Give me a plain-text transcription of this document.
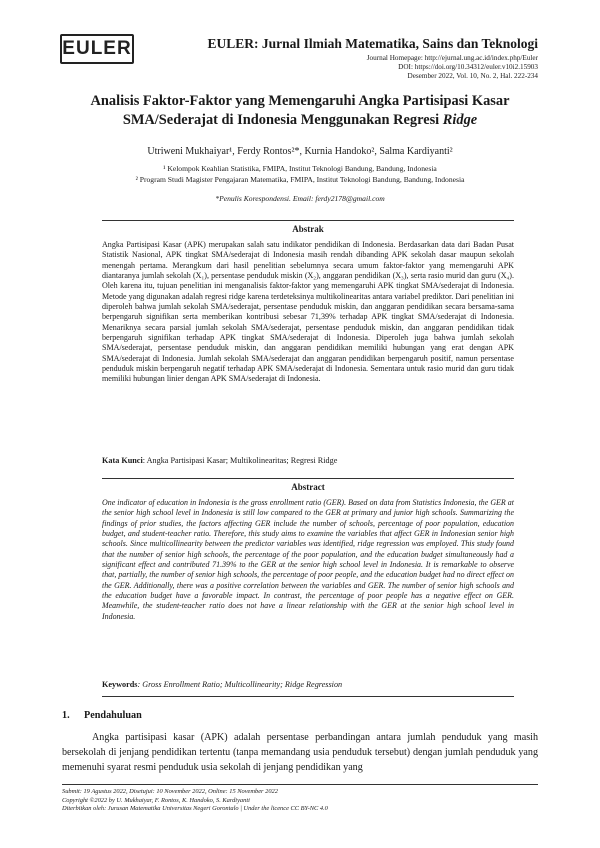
EULER	EULER: Jurnal Ilmiah Matematika, Sains dan Teknologi
Journal Homepage: http://ejurnal.ung.ac.id/index.php/Euler
DOI: https://doi.org/10.34312/euler.v10i2.15903
Desember 2022, Vol. 10, No. 2, Hal. 222-234
Analisis Faktor-Faktor yang Memengaruhi Angka Partisipasi Kasar
SMA/Sederajat di Indonesia Menggunakan Regresi Ridge
Utriweni Mukhaiyar¹, Ferdy Rontos²*, Kurnia Handoko², Salma Kardiyanti²
¹ Kelompok Keahlian Statistika, FMIPA, Institut Teknologi Bandung, Bandung, Indonesia
² Program Studi Magister Pengajaran Matematika, FMIPA, Institut Teknologi Bandung, Bandung, Indonesia
*Penulis Korespondensi. Email: ferdy2178@gmail.com
Abstrak
Angka Partisipasi Kasar (APK) merupakan salah satu indikator pendidikan di Indonesia. Berdasarkan data dari Badan Pusat Statistik Nasional, APK tingkat SMA/sederajat di Indonesia masih rendah dibanding APK sekolah dasar maupun sekolah menengah pertama. Merangkum dari hasil penelitian sebelumnya secara umum faktor-faktor yang memengaruhi APK diantaranya jumlah sekolah (X₁), persentase penduduk miskin (X₂), anggaran pendidikan (X₃), serta rasio murid dan guru (X₄). Oleh karena itu, tujuan penelitian ini menganalisis faktor-faktor yang memengaruhi APK tingkat SMA/sederajat di Indonesia. Metode yang digunakan adalah regresi ridge karena terdeteksinya multikolinearitas antara variabel prediktor. Dari penelitian ini diperoleh bahwa jumlah sekolah SMA/sederajat, persentase penduduk miskin, dan anggaran pendidikan secara bersama-sama berpengaruh signifikan serta memberikan kontribusi sebesar 71,39% terhadap APK tingkat SMA/sederajat di Indonesia. Menariknya secara parsial jumlah sekolah SMA/sederajat, persentase penduduk miskin, dan anggaran pendidikan tidak berpengaruh signifikan terhadap APK tingkat SMA/sederajat di Indonesia. Diperoleh juga bahwa jumlah sekolah SMA/sederajat, persentase penduduk miskin, dan anggaran pendidikan memiliki hubungan yang erat dengan APK SMA/sederajat di Indonesia. Jumlah sekolah SMA/sederajat dan anggaran pendidikan berpengaruh positif, namun persentase penduduk miskin berpengaruh negatif terhadap APK SMA/sederajat di Indonesia. Sementara untuk rasio murid dan guru tidak memiliki hubungan linier dengan APK SMA/sederajat di Indonesia.
Kata Kunci: Angka Partisipasi Kasar; Multikolinearitas; Regresi Ridge
Abstract
One indicator of education in Indonesia is the gross enrollment ratio (GER). Based on data from Statistics Indonesia, the GER at the senior high school level in Indonesia is still low compared to the GER at primary and junior high schools. Summarizing the findings of prior studies, the factors affecting GER include the number of schools, percentage of poor population, education budget, and student-teacher ratio. Therefore, this study aims to examine the variables that affect GER in Indonesian senior high schools. Since multicollinearity between the predictor variables was identified, ridge regression was employed. This study found that the number of senior high schools, the percentage of the poor population, and the education budget simultaneously had a significant effect and contributed 71.39% to the GER at the senior high school level in Indonesia. It is remarkable to observe that, partially, the number of senior high schools, the percentage of poor people, and the education budget had no direct effect on the GER. Additionally, there was a positive correlation between the variables and GER. The number of senior high schools and the education budget have a favorable impact. In contrast, the percentage of poor people has a negative effect on GER. Meanwhile, the student-teacher ratio does not have a linear relationship with the GER at the senior high school level in Indonesia.
Keywords: Gross Enrollment Ratio; Multicollinearity; Ridge Regression
1. Pendahuluan
Angka partisipasi kasar (APK) adalah persentase perbandingan antara jumlah penduduk yang masih bersekolah di jenjang pendidikan tertentu (tanpa memandang usia penduduk tersebut) dengan jumlah penduduk yang memenuhi syarat resmi penduduk usia sekolah di jenjang pendidikan yang
Submit: 19 Agustus 2022, Disetujui: 10 November 2022, Online: 15 November 2022
Copyright ©2022 by U. Mukhaiyar, F. Rontos, K. Handoko, S. Kardiyanti
Diterbitkan oleh: Jurusan Matematika Universitas Negeri Gorontalo | Under the licence CC BY-NC 4.0
